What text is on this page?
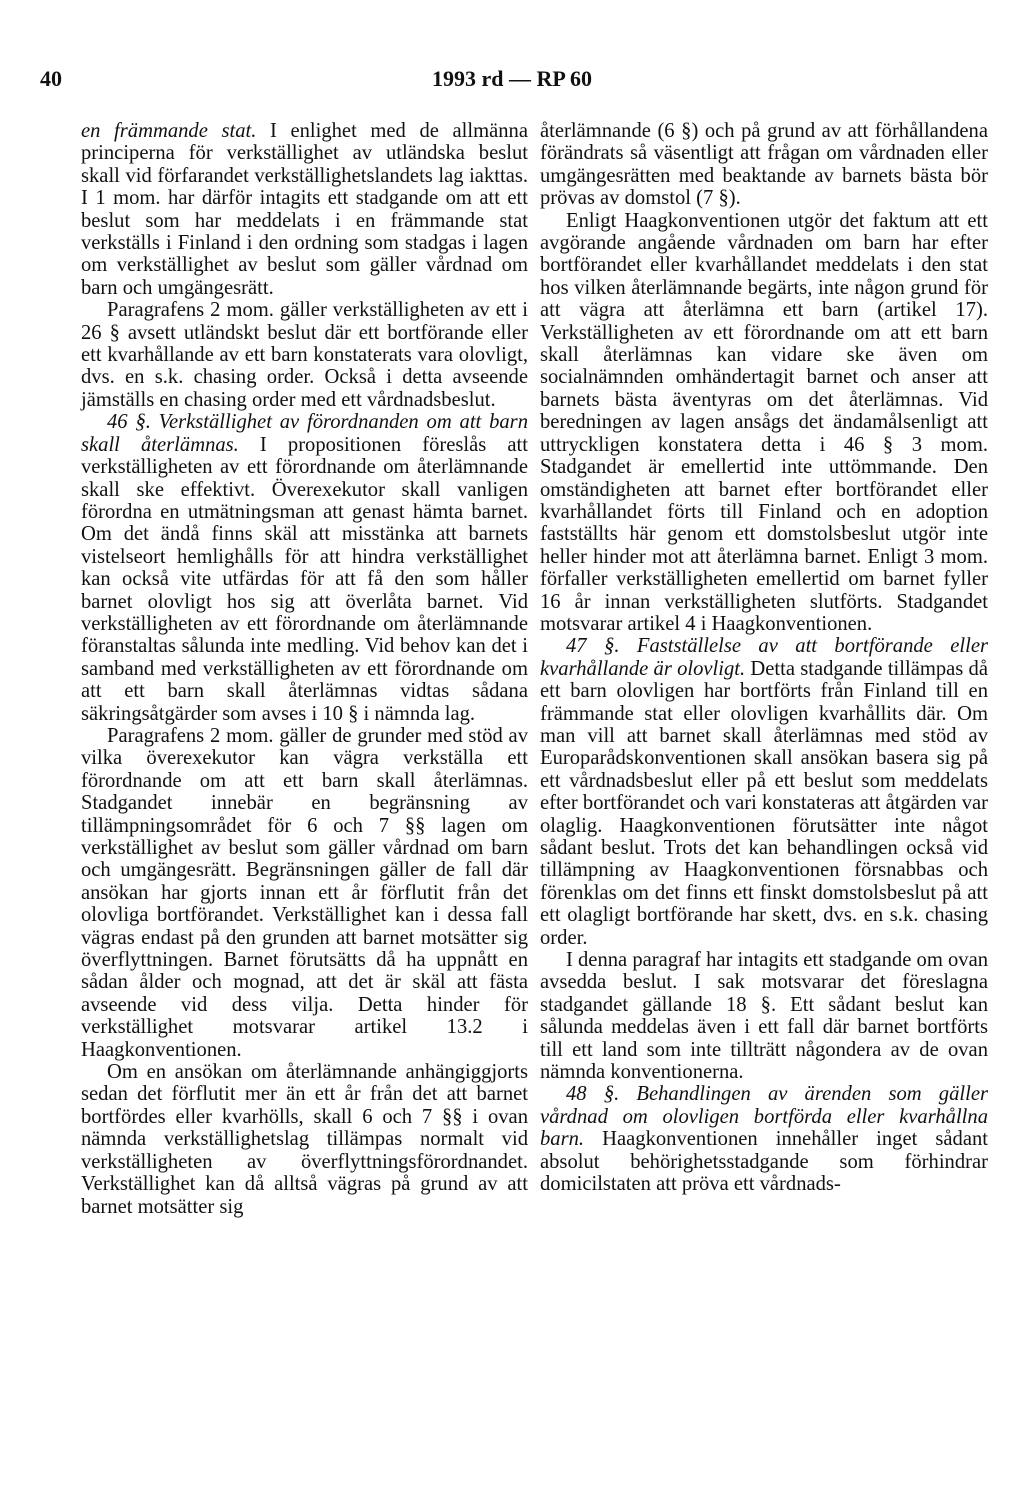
40	1993 rd — RP 60

en främmande stat. I enlighet med de allmänna principerna för verkställighet av utländska beslut skall vid förfarandet verkställighetslandets lag iakttas. I 1 mom. har därför intagits ett stadgande om att ett beslut som har meddelats i en främmande stat verkställs i Finland i den ordning som stadgas i lagen om verkställighet av beslut som gäller vårdnad om barn och umgängesrätt.

Paragrafens 2 mom. gäller verkställigheten av ett i 26 § avsett utländskt beslut där ett bortförande eller ett kvarhållande av ett barn konstaterats vara olovligt, dvs. en s.k. chasing order. Också i detta avseende jämställs en chasing order med ett vårdnadsbeslut.

46 §. Verkställighet av förordnanden om att barn skall återlämnas. I propositionen föreslås att verkställigheten av ett förordnande om återlämnande skall ske effektivt. Överexekutor skall vanligen förordna en utmätningsman att genast hämta barnet. Om det ändå finns skäl att misstänka att barnets vistelseort hemlighålls för att hindra verkställighet kan också vite utfärdas för att få den som håller barnet olovligt hos sig att överlåta barnet. Vid verkställigheten av ett förordnande om återlämnande föranstaltas sålunda inte medling. Vid behov kan det i samband med verkställigheten av ett förordnande om att ett barn skall återlämnas vidtas sådana säkringsåtgärder som avses i 10 § i nämnda lag.

Paragrafens 2 mom. gäller de grunder med stöd av vilka överexekutor kan vägra verkställa ett förordnande om att ett barn skall återlämnas. Stadgandet innebär en begränsning av tillämpningsområdet för 6 och 7 §§ lagen om verkställighet av beslut som gäller vårdnad om barn och umgängesrätt. Begränsningen gäller de fall där ansökan har gjorts innan ett år förflutit från det olovliga bortförandet. Verkställighet kan i dessa fall vägras endast på den grunden att barnet motsätter sig överflyttningen. Barnet förutsätts då ha uppnått en sådan ålder och mognad, att det är skäl att fästa avseende vid dess vilja. Detta hinder för verkställighet motsvarar artikel 13.2 i Haagkonventionen.

Om en ansökan om återlämnande anhängiggjorts sedan det förflutit mer än ett år från det att barnet bortfördes eller kvarhölls, skall 6 och 7 §§ i ovan nämnda verkställighetslag tillämpas normalt vid verkställigheten av överflyttningsförordnandet. Verkställighet kan då alltså vägras på grund av att barnet motsätter sig

återlämnande (6 §) och på grund av att förhållandena förändrats så väsentligt att frågan om vårdnaden eller umgängesrätten med beaktande av barnets bästa bör prövas av domstol (7 §).

Enligt Haagkonventionen utgör det faktum att ett avgörande angående vårdnaden om barn har efter bortförandet eller kvarhållandet meddelats i den stat hos vilken återlämnande begärts, inte någon grund för att vägra att återlämna ett barn (artikel 17). Verkställigheten av ett förordnande om att ett barn skall återlämnas kan vidare ske även om socialnämnden omhändertagit barnet och anser att barnets bästa äventyras om det återlämnas. Vid beredningen av lagen ansågs det ändamålsenligt att uttryckligen konstatera detta i 46 § 3 mom. Stadgandet är emellertid inte uttömmande. Den omständigheten att barnet efter bortförandet eller kvarhållandet förts till Finland och en adoption fastställts här genom ett domstolsbeslut utgör inte heller hinder mot att återlämna barnet. Enligt 3 mom. förfaller verkställigheten emellertid om barnet fyller 16 år innan verkställigheten slutförts. Stadgandet motsvarar artikel 4 i Haagkonventionen.

47 §. Fastställelse av att bortförande eller kvarhållande är olovligt. Detta stadgande tillämpas då ett barn olovligen har bortförts från Finland till en främmande stat eller olovligen kvarhållits där. Om man vill att barnet skall återlämnas med stöd av Europarådskonventionen skall ansökan basera sig på ett vårdnadsbeslut eller på ett beslut som meddelats efter bortförandet och vari konstateras att åtgärden var olaglig. Haagkonventionen förutsätter inte något sådant beslut. Trots det kan behandlingen också vid tillämpning av Haagkonventionen försnabbas och förenklas om det finns ett finskt domstolsbeslut på att ett olagligt bortförande har skett, dvs. en s.k. chasing order.

I denna paragraf har intagits ett stadgande om ovan avsedda beslut. I sak motsvarar det föreslagna stadgandet gällande 18 §. Ett sådant beslut kan sålunda meddelas även i ett fall där barnet bortförts till ett land som inte tillträtt någondera av de ovan nämnda konventionerna.

48 §. Behandlingen av ärenden som gäller vårdnad om olovligen bortförda eller kvarhållna barn. Haagkonventionen innehåller inget sådant absolut behörighetsstadgande som förhindrar domicilstaten att pröva ett vårdnads-
